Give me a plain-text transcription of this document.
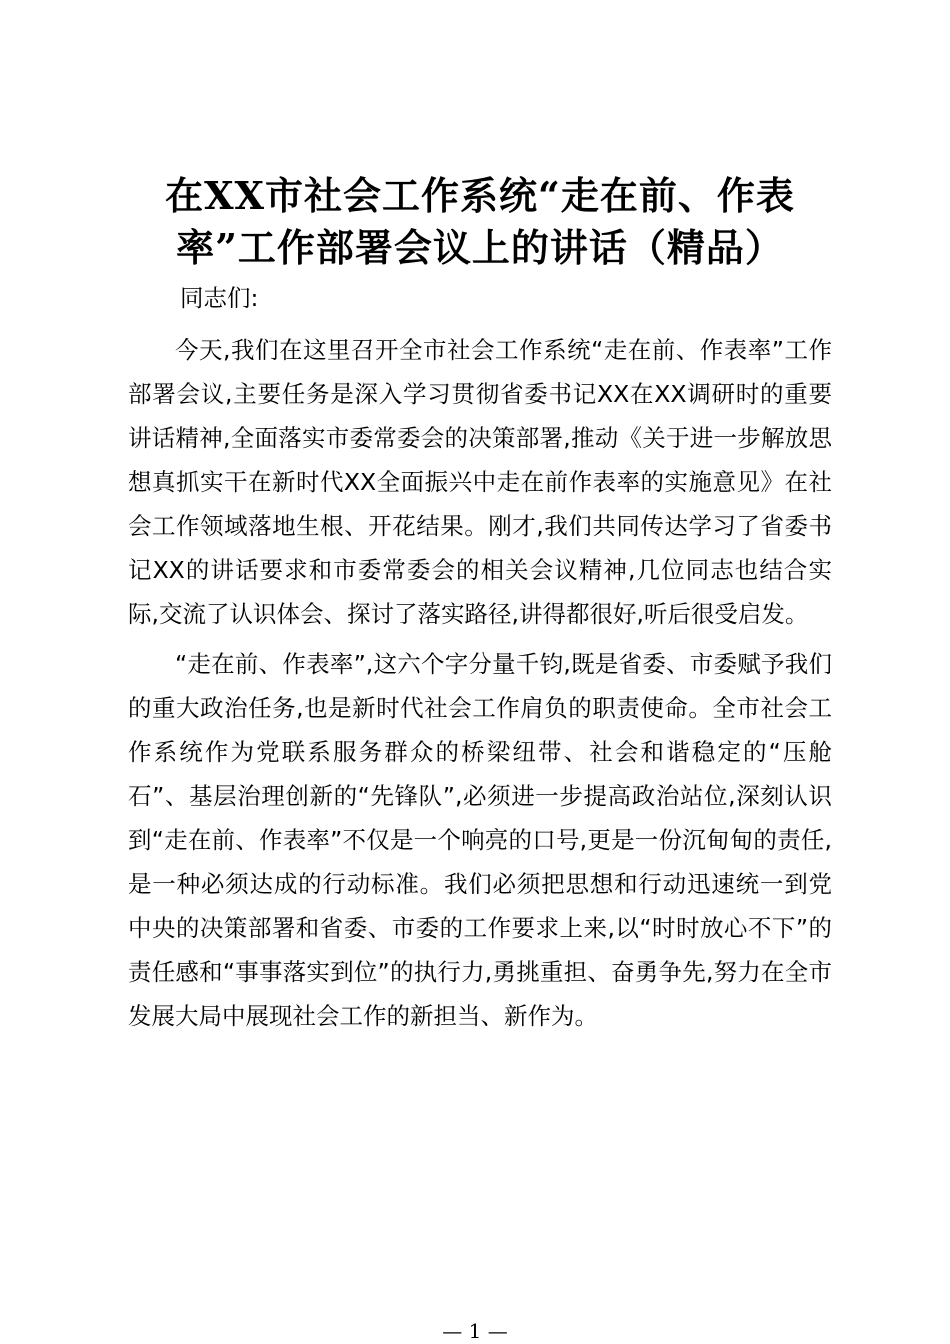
在XX市社会工作系统“走在前、作表率”工作部署会议上的讲话（精品）

同志们:

今天,我们在这里召开全市社会工作系统“走在前、作表率”工作部署会议,主要任务是深入学习贯彻省委书记XX在XX调研时的重要讲话精神,全面落实市委常委会的决策部署,推动《关于进一步解放思想真抓实干在新时代XX全面振兴中走在前作表率的实施意见》在社会工作领域落地生根、开花结果。刚才,我们共同传达学习了省委书记XX的讲话要求和市委常委会的相关会议精神,几位同志也结合实际,交流了认识体会、探讨了落实路径,讲得都很好,听后很受启发。

“走在前、作表率”,这六个字分量千钧,既是省委、市委赋予我们的重大政治任务,也是新时代社会工作肩负的职责使命。全市社会工作系统作为党联系服务群众的桥梁纽带、社会和谐稳定的“压舱石”、基层治理创新的“先锋队”,必须进一步提高政治站位,深刻认识到“走在前、作表率”不仅是一个响亮的口号,更是一份沉甸甸的责任,是一种必须达成的行动标准。我们必须把思想和行动迅速统一到党中央的决策部署和省委、市委的工作要求上来,以“时时放心不下”的责任感和“事事落实到位”的执行力,勇挑重担、奋勇争先,努力在全市发展大局中展现社会工作的新担当、新作为。

— 1 —
